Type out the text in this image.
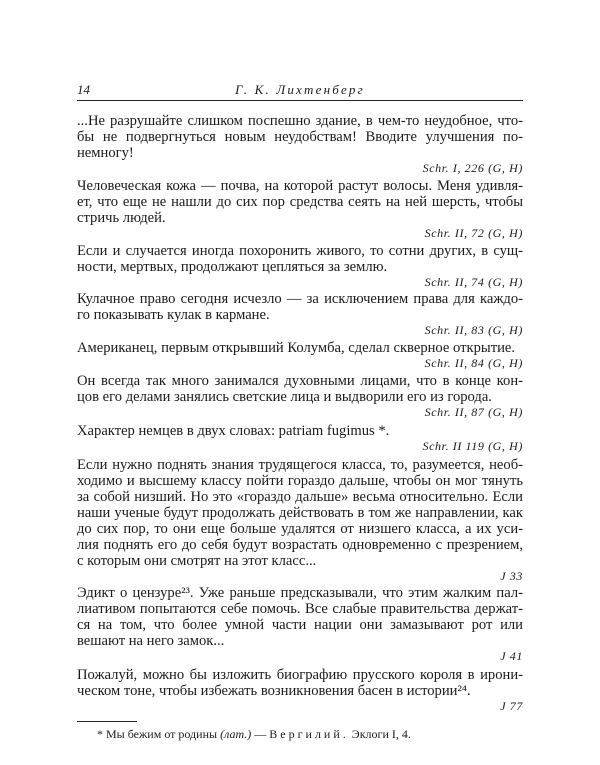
14	Г. К. Лихтенберг
...Не разрушайте слишком поспешно здание, в чем-то неудобное, что-
бы не подвергнуться новым неудобствам! Вводите улучшения по-
немногу!
Schr. I, 226 (G, H)
Человеческая кожа — почва, на которой растут волосы. Меня удивля-
ет, что еще не нашли до сих пор средства сеять на ней шерсть, чтобы
стричь людей.
Schr. II, 72 (G, H)
Если и случается иногда похоронить живого, то сотни других, в сущ-
ности, мертвых, продолжают цепляться за землю.
Schr. II, 74 (G, H)
Кулачное право сегодня исчезло — за исключением права для каждо-
го показывать кулак в кармане.
Schr. II, 83 (G, H)
Американец, первым открывший Колумба, сделал скверное открытие.
Schr. II, 84 (G, H)
Он всегда так много занимался духовными лицами, что в конце кон-
цов его делами занялись светские лица и выдворили его из города.
Schr. II, 87 (G, H)
Характер немцев в двух словах: patriam fugimus *.
Schr. II 119 (G, H)
Если нужно поднять знания трудящегося класса, то, разумеется, необ-
ходимо и высшему классу пойти гораздо дальше, чтобы он мог тянуть
за собой низший. Но это «гораздо дальше» весьма относительно. Если
наши ученые будут продолжать действовать в том же направлении, как
до сих пор, то они еще больше удалятся от низшего класса, а их уси-
лия поднять его до себя будут возрастать одновременно с презрением,
с которым они смотрят на этот класс...
J 33
Эдикт о цензуре²³. Уже раньше предсказывали, что этим жалким пал-
лиативом попытаются себе помочь. Все слабые правительства держат-
ся на том, что более умной части нации они замазывают рот или
вешают на него замок...
J 41
Пожалуй, можно бы изложить биографию прусского короля в ирони-
ческом тоне, чтобы избежать возникновения басен в истории²⁴.
J 77
* Мы бежим от родины (лат.) — Вергилий. Эклоги I, 4.
